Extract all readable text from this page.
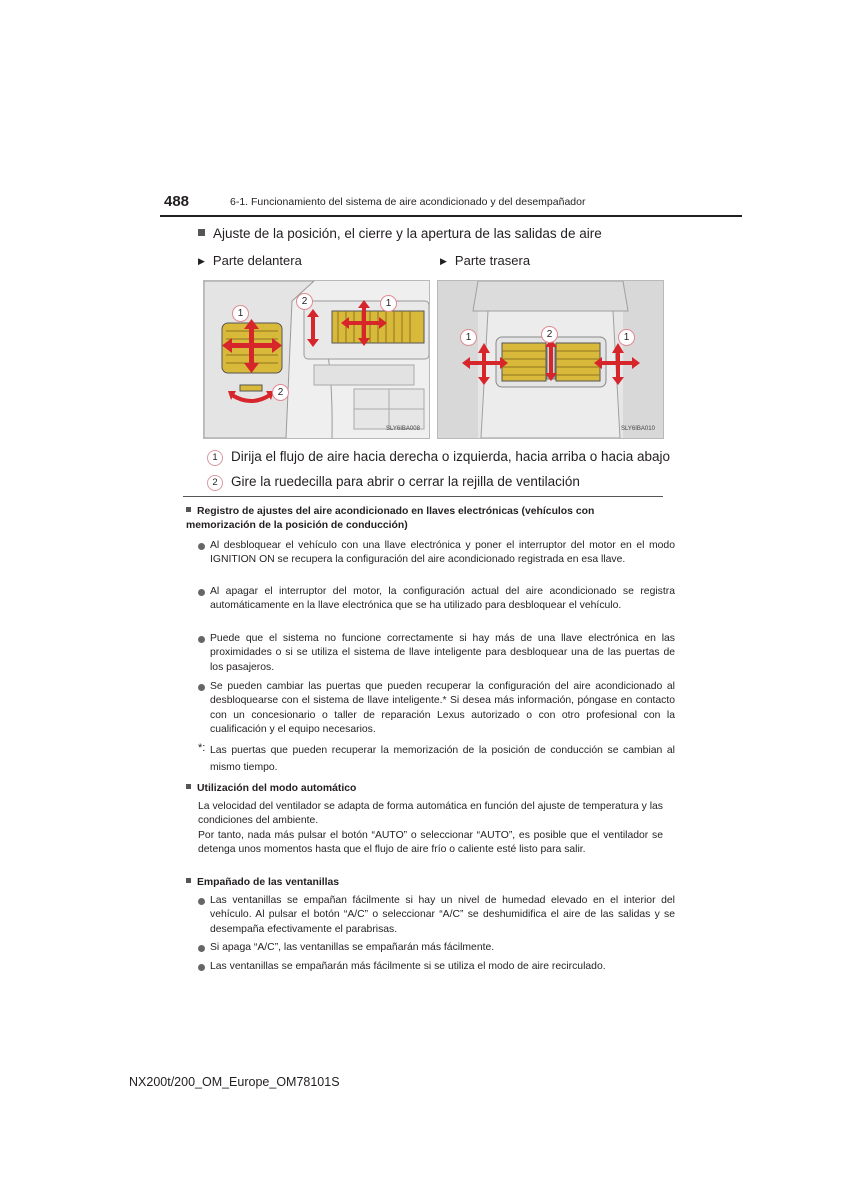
488	6-1. Funcionamiento del sistema de aire acondicionado y del desempañador
Ajuste de la posición, el cierre y la apertura de las salidas de aire
▶ Parte delantera	▶ Parte trasera
1
2	1
2
SLY6IBA008
1	2	1
SLY6IBA010
1 Dirija el flujo de aire hacia derecha o izquierda, hacia arriba o hacia abajo
2 Gire la ruedecilla para abrir o cerrar la rejilla de ventilación
Registro de ajustes del aire acondicionado en llaves electrónicas (vehículos con memorización de la posición de conducción)
Al desbloquear el vehículo con una llave electrónica y poner el interruptor del motor en el modo IGNITION ON se recupera la configuración del aire acondicionado registrada en esa llave.
Al apagar el interruptor del motor, la configuración actual del aire acondicionado se registra automáticamente en la llave electrónica que se ha utilizado para desbloquear el vehículo.
Puede que el sistema no funcione correctamente si hay más de una llave electrónica en las proximidades o si se utiliza el sistema de llave inteligente para desbloquear una de las puertas de los pasajeros.
Se pueden cambiar las puertas que pueden recuperar la configuración del aire acondicionado al desbloquearse con el sistema de llave inteligente.* Si desea más información, póngase en contacto con un concesionario o taller de reparación Lexus autorizado o con otro profesional con la cualificación y el equipo necesarios.
*: Las puertas que pueden recuperar la memorización de la posición de conducción se cambian al mismo tiempo.
Utilización del modo automático
La velocidad del ventilador se adapta de forma automática en función del ajuste de temperatura y las condiciones del ambiente.
Por tanto, nada más pulsar el botón “AUTO” o seleccionar “AUTO”, es posible que el ventilador se detenga unos momentos hasta que el flujo de aire frío o caliente esté listo para salir.
Empañado de las ventanillas
Las ventanillas se empañan fácilmente si hay un nivel de humedad elevado en el interior del vehículo. Al pulsar el botón “A/C” o seleccionar “A/C” se deshumidifica el aire de las salidas y se desempaña efectivamente el parabrisas.
Si apaga “A/C”, las ventanillas se empañarán más fácilmente.
Las ventanillas se empañarán más fácilmente si se utiliza el modo de aire recirculado.
NX200t/200_OM_Europe_OM78101S
